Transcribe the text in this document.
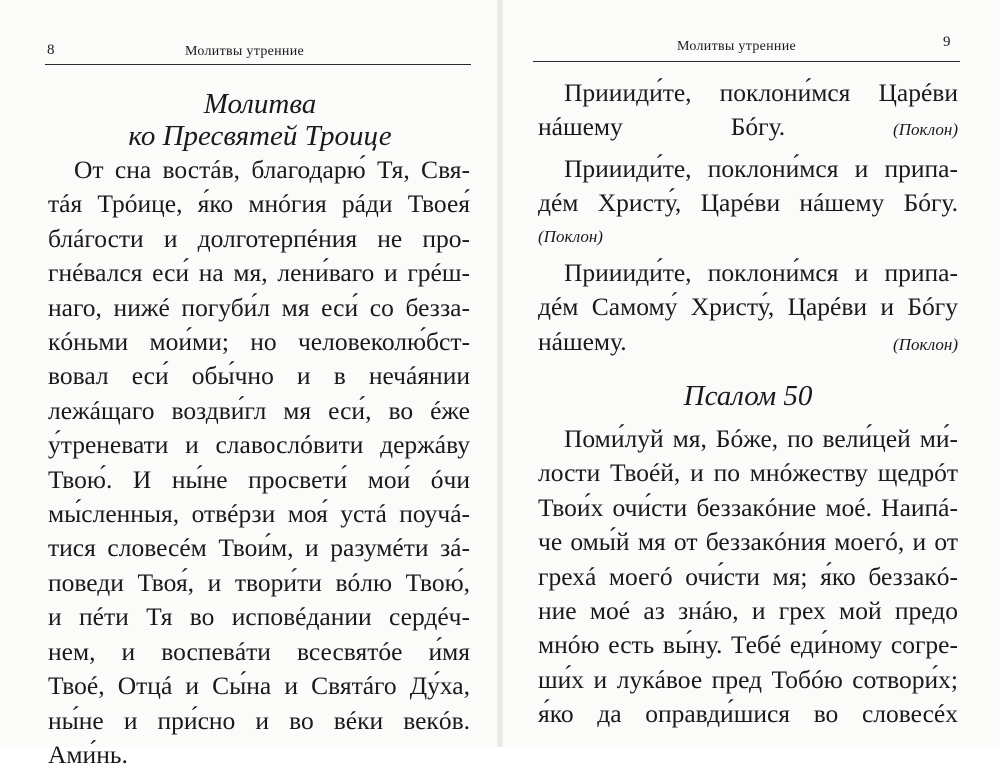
8	Молитвы утренние
Молитва
ко Пресвятей Троице
От сна востáв, благодарю́ Тя, Свя-
тáя Трóице, я́ко мнóгия рáди Твоея́
блáгости и долготерпéния не про-
гнéвался еси́ на мя, лени́ваго и грéш-
наго, нижé погуби́л мя еси́ со безза-
кóньми мои́ми; но человеколю́бст-
вовал еси́ обы́чно и в нечáянии
лежáщаго воздви́гл мя еси́, во éже
у́треневати и славослóвити держáву
Твою́. И ны́не просвети́ мои́ óчи
мы́сленныя, отвéрзи моя́ устá поучá-
тися словесéм Твои́м, и разумéти зá-
поведи Твоя́, и твори́ти вóлю Твою́,
и пéти Тя во исповéдании сердéч-
нем, и воспевáти всесвятóе и́мя
Твоé, Отцá и Сы́на и Святáго Ду́ха,
ны́не и при́сно и во вéки векóв.
Ами́нь.
Молитвы утренние	9
Приииди́те, поклони́мся Цaрéви
нáшему Бóгу.	(Поклон)
Приииди́те, поклони́мся и припа-
дéм Христу́, Цaрéви нáшему Бóгу.
(Поклон)
Приииди́те, поклони́мся и припа-
дéм Самому́ Христу́, Цaрéви и Бóгу
нáшему.	(Поклон)
Псалом 50
Поми́луй мя, Бóже, по вели́цей ми́-
лости Твоéй, и по мнóжеству щедрóт
Твои́х очи́сти беззакóние моé. Наипá-
че омы́й мя от беззакóния моегó, и от
грехá моегó очи́сти мя; я́ко беззакó-
ние моé аз знáю, и грех мой предо
мнóю есть вы́ну. Тебé еди́ному согре-
ши́х и лукáвое пред Тобóю сотвори́х;
я́ко да оправди́шися во словесéх
